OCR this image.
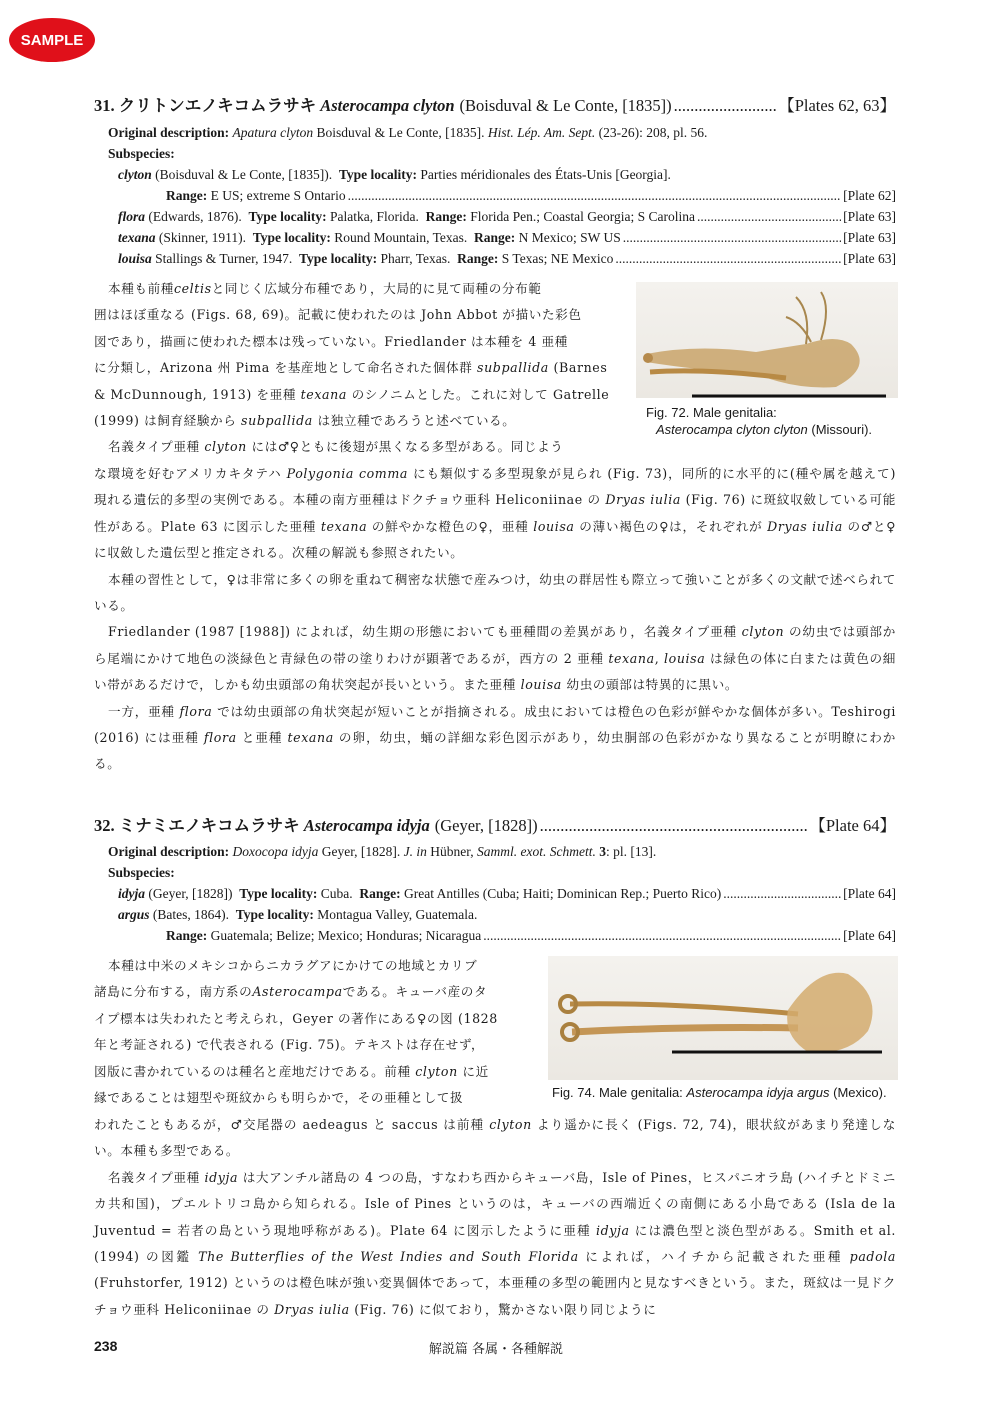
SAMPLE
31.
クリトンエノキコムラサキ
Asterocampa clyton (Boisduval & Le Conte, [1835]) .....	【Plates 62, 63】
Original description: Apatura clyton Boisduval & Le Conte, [1835]. Hist. Lép. Am. Sept. (23-26): 208, pl. 56.
Subspecies:
clyton (Boisduval & Le Conte, [1835]). Type locality: Parties méridionales des États-Unis [Georgia].
Range: E US; extreme S Ontario .....	[Plate 62]
flora (Edwards, 1876). Type locality: Palatka, Florida. Range: Florida Pen.; Coastal Georgia; S Carolina .....	[Plate 63]
texana (Skinner, 1911). Type locality: Round Mountain, Texas. Range: N Mexico; SW US .....	[Plate 63]
louisa Stallings & Turner, 1947. Type locality: Pharr, Texas. Range: S Texas; NE Mexico .....	[Plate 63]
Fig. 72. Male genitalia:
Asterocampa clyton clyton (Missouri).
本種も前種celtisと同じく広域分布種であり，大局的に見て両種の分布範
囲はほぼ重なる (Figs. 68, 69)。記載に使われたのは John Abbot が描いた彩色
図であり，描画に使われた標本は残っていない。Friedlander は本種を 4 亜種
に分類し，Arizona 州 Pima を基産地として命名された個体群 subpallida (Barnes
& McDunnough, 1913) を亜種 texana のシノニムとした。これに対して Gatrelle
(1999) は飼育経験から subpallida は独立種であろうと述べている。
名義タイプ亜種 clyton には♂♀ともに後翅が黒くなる多型がある。同じよう

な環境を好むアメリカキタテハ Polygonia comma にも類似する多型現象が見られ (Fig. 73)，同所的に水平的に(種や属を越えて) 現れる遺伝的多型の実例である。本種の南方亜種はドクチョウ亜科 Heliconiinae の Dryas iulia (Fig. 76) に斑紋収斂している可能性がある。Plate 63 に図示した亜種 texana の鮮やかな橙色の♀，亜種 louisa の薄い褐色の♀は，それぞれが Dryas iulia の♂と♀に収斂した遺伝型と推定される。次種の解説も参照されたい。

本種の習性として，♀は非常に多くの卵を重ねて稠密な状態で産みつけ，幼虫の群居性も際立って強いことが多くの文献で述べられている。

Friedlander (1987 [1988]) によれば，幼生期の形態においても亜種間の差異があり，名義タイプ亜種 clyton の幼虫では頭部から尾端にかけて地色の淡緑色と青緑色の帯の塗りわけが顕著であるが，西方の 2 亜種 texana, louisa は緑色の体に白または黄色の細い帯があるだけで，しかも幼虫頭部の角状突起が長いという。また亜種 louisa 幼虫の頭部は特異的に黒い。

一方，亜種 flora では幼虫頭部の角状突起が短いことが指摘される。成虫においては橙色の色彩が鮮やかな個体が多い。Teshirogi (2016) には亜種 flora と亜種 texana の卵，幼虫，蛹の詳細な彩色図示があり，幼虫胴部の色彩がかなり異なることが明瞭にわかる。

32.
ミナミエノキコムラサキ
Asterocampa idyja (Geyer, [1828]) .....	【Plate 64】
Original description: Doxocopa idyja Geyer, [1828]. J. in Hübner, Samml. exot. Schmett. 3: pl. [13].
Subspecies:
idyja (Geyer, [1828]) Type locality: Cuba. Range: Great Antilles (Cuba; Haiti; Dominican Rep.; Puerto Rico) .....	[Plate 64]
argus (Bates, 1864). Type locality: Montagua Valley, Guatemala.
Range: Guatemala; Belize; Mexico; Honduras; Nicaragua .....	[Plate 64]
Fig. 74. Male genitalia: Asterocampa idyja argus (Mexico).
本種は中米のメキシコからニカラグアにかけての地域とカリブ
諸島に分布する，南方系のAsterocampaである。キューバ産のタ
イプ標本は失われたと考えられ，Geyer の著作にある♀の図 (1828
年と考証される) で代表される (Fig. 75)。テキストは存在せず，
図版に書かれているのは種名と産地だけである。前種 clyton に近
縁であることは翅型や斑紋からも明らかで，その亜種として扱

われたこともあるが，♂交尾器の aedeagus と saccus は前種 clyton より遥かに長く (Figs. 72, 74)，眼状紋があまり発達しない。本種も多型である。

名義タイプ亜種 idyja は大アンチル諸島の 4 つの島，すなわち西からキューバ島，Isle of Pines，ヒスパニオラ島 (ハイチとドミニカ共和国)，プエルトリコ島から知られる。Isle of Pines というのは，キューバの西端近くの南側にある小島である (Isla de la Juventud = 若者の島という現地呼称がある)。Plate 64 に図示したように亜種 idyja には濃色型と淡色型がある。Smith et al. (1994) の図鑑 The Butterflies of the West Indies and South Florida によれば，ハイチから記載された亜種 padola (Fruhstorfer, 1912) というのは橙色味が強い変異個体であって，本亜種の多型の範囲内と見なすべきという。また，斑紋は一見ドクチョウ亜科 Heliconiinae の Dryas iulia (Fig. 76) に似ており，驚かさない限り同じように

238	解説篇 各属・各種解説
